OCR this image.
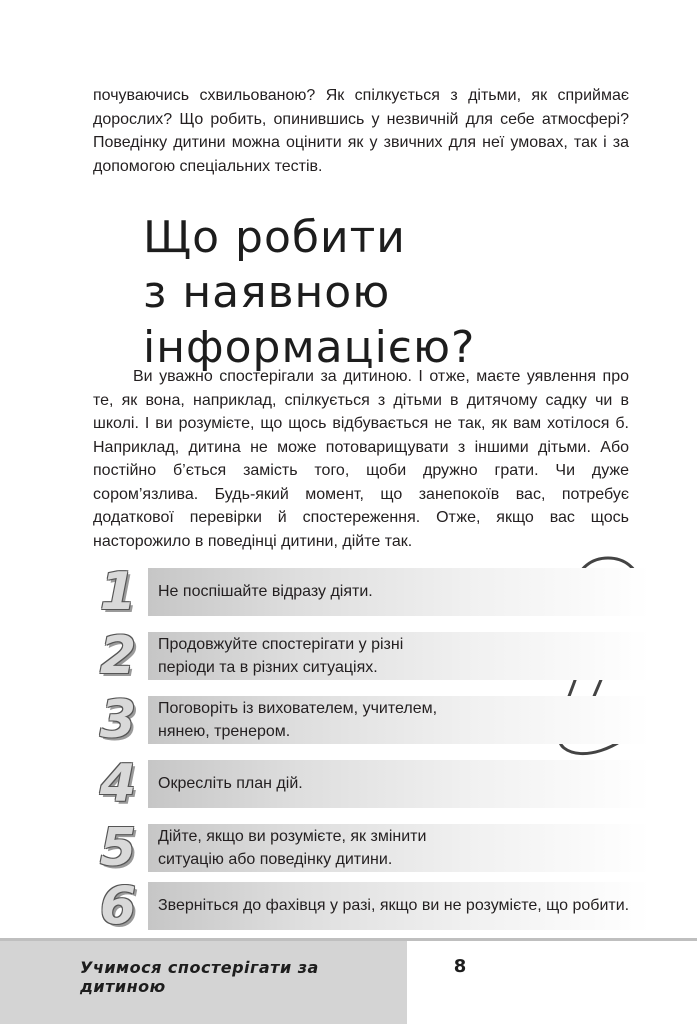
почуваючись схвильованою? Як спілкується з дітьми, як сприймає дорослих? Що робить, опинившись у незвичній для себе атмосфері? Поведінку дитини можна оцінити як у звичних для неї умовах, так і за допомогою спеціальних тестів.

Що робити
з наявною
інформацією?

Ви уважно спостерігали за дитиною. І отже, маєте уявлення про те, як вона, наприклад, спілкується з дітьми в дитячому садку чи в школі. І ви розумієте, що щось відбувається не так, як вам хотілося б. Наприклад, дитина не може потоварищувати з іншими дітьми. Або постійно б’ється замість того, щоби дружно грати. Чи дуже сором’язлива. Будь-який момент, що занепокоїв вас, потребує додаткової перевірки й спостереження. Отже, якщо вас щось насторожило в поведінці дитини, дійте так.

1	Не поспішайте відразу діяти.
2	Продовжуйте спостерігати у різні
періоди та в різних ситуаціях.
3	Поговоріть із вихователем, учителем,
нянею, тренером.
4	Окресліть план дій.
5	Дійте, якщо ви розумієте, як змінити
ситуацію або поведінку дитини.
6	Зверніться до фахівця у разі, якщо ви не розумієте, що робити.
Учимося спостерігати за дитиною
8
